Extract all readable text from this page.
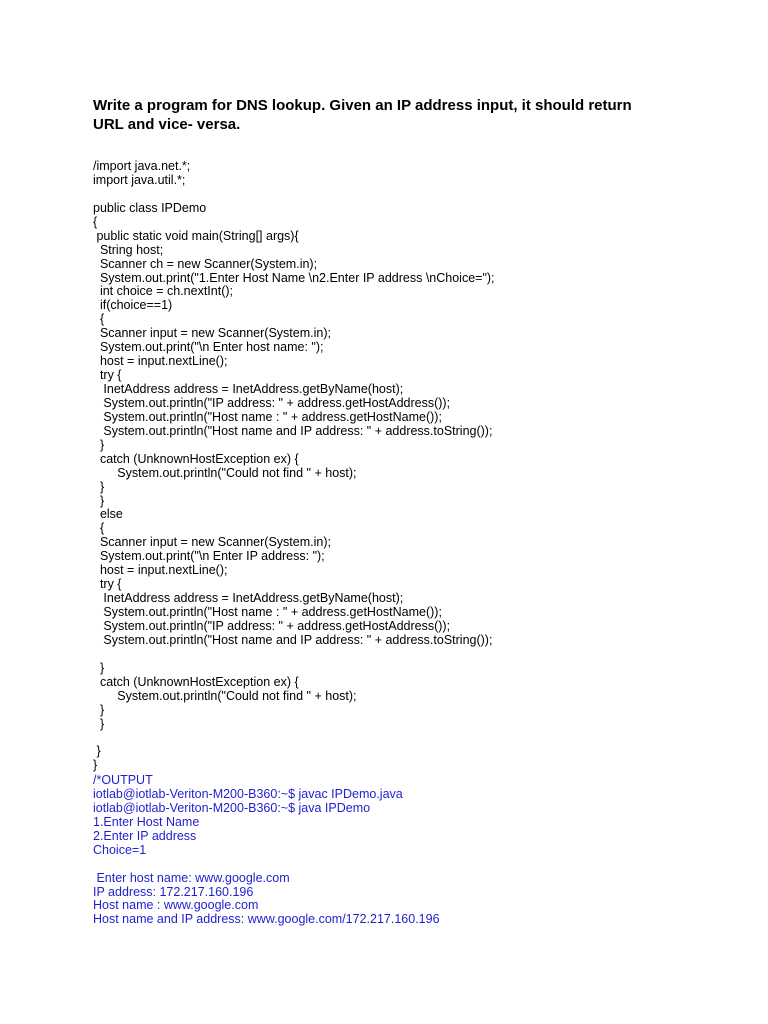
Write a program for DNS lookup. Given an IP address input, it should return
URL and vice- versa.
/import java.net.*;
import java.util.*;
public class IPDemo
{
public static void main(String[] args){
String host;
Scanner ch = new Scanner(System.in);
System.out.print("1.Enter Host Name \n2.Enter IP address \nChoice=");
int choice = ch.nextInt();
if(choice==1)
{
Scanner input = new Scanner(System.in);
System.out.print("\n Enter host name: ");
host = input.nextLine();
try {
InetAddress address = InetAddress.getByName(host);
System.out.println("IP address: " + address.getHostAddress());
System.out.println("Host name : " + address.getHostName());
System.out.println("Host name and IP address: " + address.toString());
}
catch (UnknownHostException ex) {
System.out.println("Could not find " + host);
}
}
else
{
Scanner input = new Scanner(System.in);
System.out.print("\n Enter IP address: ");
host = input.nextLine();
try {
InetAddress address = InetAddress.getByName(host);
System.out.println("Host name : " + address.getHostName());
System.out.println("IP address: " + address.getHostAddress());
System.out.println("Host name and IP address: " + address.toString());
}
catch (UnknownHostException ex) {
System.out.println("Could not find " + host);
}
}
}
}
/*OUTPUT
iotlab@iotlab-Veriton-M200-B360:~$ javac IPDemo.java
iotlab@iotlab-Veriton-M200-B360:~$ java IPDemo
1.Enter Host Name
2.Enter IP address
Choice=1
Enter host name: www.google.com
IP address: 172.217.160.196
Host name : www.google.com
Host name and IP address: www.google.com/172.217.160.196
